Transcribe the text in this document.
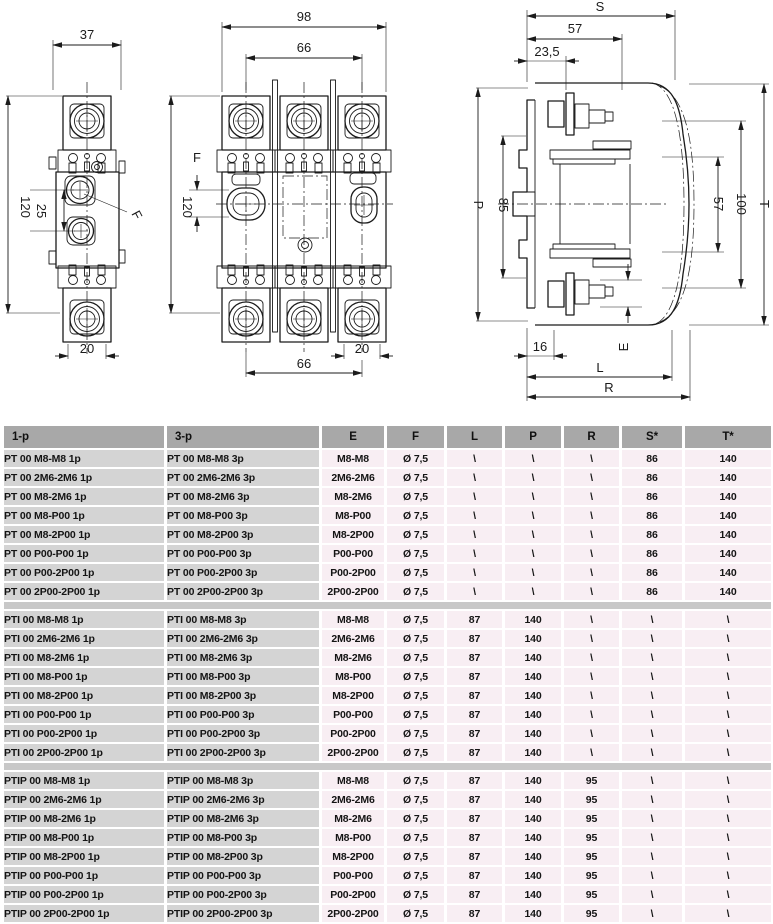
37
120 25	F
20
98
66
120
F
20
66
S
57
23,5
P 85
E
57 100 T
16
L
R
1-p	3-p	E	F	L	P	R	S*	T*
PT 00 M8-M8 1p	PT 00 M8-M8 3p	M8-M8	Ø 7,5	\	\	\	86	140
PT 00 2M6-2M6 1p	PT 00 2M6-2M6 3p	2M6-2M6	Ø 7,5	\	\	\	86	140
PT 00 M8-2M6 1p	PT 00 M8-2M6 3p	M8-2M6	Ø 7,5	\	\	\	86	140
PT 00 M8-P00 1p	PT 00 M8-P00 3p	M8-P00	Ø 7,5	\	\	\	86	140
PT 00 M8-2P00 1p	PT 00 M8-2P00 3p	M8-2P00	Ø 7,5	\	\	\	86	140
PT 00 P00-P00 1p	PT 00 P00-P00 3p	P00-P00	Ø 7,5	\	\	\	86	140
PT 00 P00-2P00 1p	PT 00 P00-2P00 3p	P00-2P00	Ø 7,5	\	\	\	86	140
PT 00 2P00-2P00 1p	PT 00 2P00-2P00 3p	2P00-2P00	Ø 7,5	\	\	\	86	140

PTI 00 M8-M8 1p	PTI 00 M8-M8 3p	M8-M8	Ø 7,5	87	140	\	\	\
PTI 00 2M6-2M6 1p	PTI 00 2M6-2M6 3p	2M6-2M6	Ø 7,5	87	140	\	\	\
PTI 00 M8-2M6 1p	PTI 00 M8-2M6 3p	M8-2M6	Ø 7,5	87	140	\	\	\
PTI 00 M8-P00 1p	PTI 00 M8-P00 3p	M8-P00	Ø 7,5	87	140	\	\	\
PTI 00 M8-2P00 1p	PTI 00 M8-2P00 3p	M8-2P00	Ø 7,5	87	140	\	\	\
PTI 00 P00-P00 1p	PTI 00 P00-P00 3p	P00-P00	Ø 7,5	87	140	\	\	\
PTI 00 P00-2P00 1p	PTI 00 P00-2P00 3p	P00-2P00	Ø 7,5	87	140	\	\	\
PTI 00 2P00-2P00 1p	PTI 00 2P00-2P00 3p	2P00-2P00	Ø 7,5	87	140	\	\	\

PTIP 00 M8-M8 1p	PTIP 00 M8-M8 3p	M8-M8	Ø 7,5	87	140	95	\	\
PTIP 00 2M6-2M6 1p	PTIP 00 2M6-2M6 3p	2M6-2M6	Ø 7,5	87	140	95	\	\
PTIP 00 M8-2M6 1p	PTIP 00 M8-2M6 3p	M8-2M6	Ø 7,5	87	140	95	\	\
PTIP 00 M8-P00 1p	PTIP 00 M8-P00 3p	M8-P00	Ø 7,5	87	140	95	\	\
PTIP 00 M8-2P00 1p	PTIP 00 M8-2P00 3p	M8-2P00	Ø 7,5	87	140	95	\	\
PTIP 00 P00-P00 1p	PTIP 00 P00-P00 3p	P00-P00	Ø 7,5	87	140	95	\	\
PTIP 00 P00-2P00 1p	PTIP 00 P00-2P00 3p	P00-2P00	Ø 7,5	87	140	95	\	\
PTIP 00 2P00-2P00 1p	PTIP 00 2P00-2P00 3p	2P00-2P00	Ø 7,5	87	140	95	\	\
